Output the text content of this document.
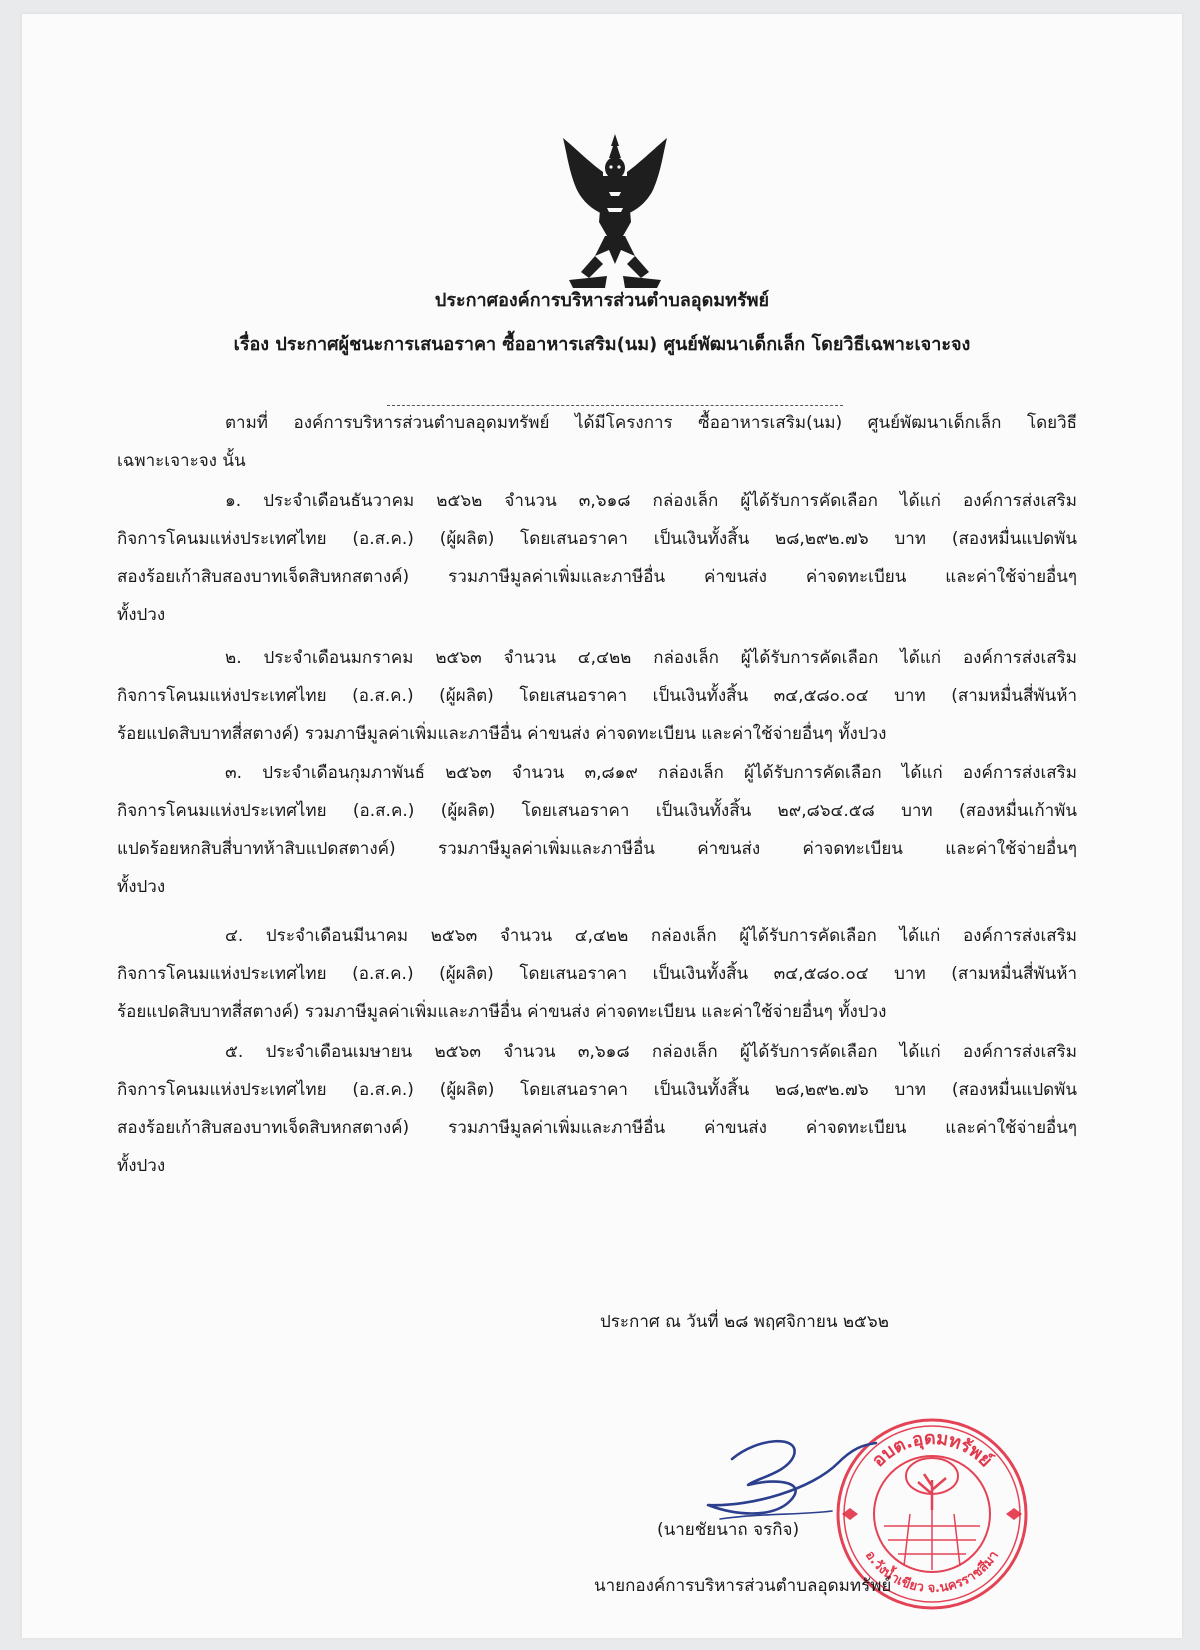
ประกาศองค์การบริหารส่วนตำบลอุดมทรัพย์
เรื่อง ประกาศผู้ชนะการเสนอราคา ซื้ออาหารเสริม(นม) ศูนย์พัฒนาเด็กเล็ก โดยวิธีเฉพาะเจาะจง
ตามที่ องค์การบริหารส่วนตำบลอุดมทรัพย์ ได้มีโครงการ ซื้ออาหารเสริม(นม) ศูนย์พัฒนาเด็กเล็ก โดยวิธี
เฉพาะเจาะจง นั้น
๑. ประจำเดือนธันวาคม ๒๕๖๒ จำนวน ๓,๖๑๘ กล่องเล็ก ผู้ได้รับการคัดเลือก ได้แก่ องค์การส่งเสริม
กิจการโคนมแห่งประเทศไทย (อ.ส.ค.) (ผู้ผลิต) โดยเสนอราคา เป็นเงินทั้งสิ้น ๒๘,๒๙๒.๗๖ บาท (สองหมื่นแปดพัน
สองร้อยเก้าสิบสองบาทเจ็ดสิบหกสตางค์) รวมภาษีมูลค่าเพิ่มและภาษีอื่น ค่าขนส่ง ค่าจดทะเบียน และค่าใช้จ่ายอื่นๆ
ทั้งปวง
๒. ประจำเดือนมกราคม ๒๕๖๓ จำนวน ๔,๔๒๒ กล่องเล็ก ผู้ได้รับการคัดเลือก ได้แก่ องค์การส่งเสริม
กิจการโคนมแห่งประเทศไทย (อ.ส.ค.) (ผู้ผลิต) โดยเสนอราคา เป็นเงินทั้งสิ้น ๓๔,๕๘๐.๐๔ บาท (สามหมื่นสี่พันห้า
ร้อยแปดสิบบาทสี่สตางค์) รวมภาษีมูลค่าเพิ่มและภาษีอื่น ค่าขนส่ง ค่าจดทะเบียน และค่าใช้จ่ายอื่นๆ ทั้งปวง
๓. ประจำเดือนกุมภาพันธ์ ๒๕๖๓ จำนวน ๓,๘๑๙ กล่องเล็ก ผู้ได้รับการคัดเลือก ได้แก่ องค์การส่งเสริม
กิจการโคนมแห่งประเทศไทย (อ.ส.ค.) (ผู้ผลิต) โดยเสนอราคา เป็นเงินทั้งสิ้น ๒๙,๘๖๔.๕๘ บาท (สองหมื่นเก้าพัน
แปดร้อยหกสิบสี่บาทห้าสิบแปดสตางค์) รวมภาษีมูลค่าเพิ่มและภาษีอื่น ค่าขนส่ง ค่าจดทะเบียน และค่าใช้จ่ายอื่นๆ
ทั้งปวง
๔. ประจำเดือนมีนาคม ๒๕๖๓ จำนวน ๔,๔๒๒ กล่องเล็ก ผู้ได้รับการคัดเลือก ได้แก่ องค์การส่งเสริม
กิจการโคนมแห่งประเทศไทย (อ.ส.ค.) (ผู้ผลิต) โดยเสนอราคา เป็นเงินทั้งสิ้น ๓๔,๕๘๐.๐๔ บาท (สามหมื่นสี่พันห้า
ร้อยแปดสิบบาทสี่สตางค์) รวมภาษีมูลค่าเพิ่มและภาษีอื่น ค่าขนส่ง ค่าจดทะเบียน และค่าใช้จ่ายอื่นๆ ทั้งปวง
๕. ประจำเดือนเมษายน ๒๕๖๓ จำนวน ๓,๖๑๘ กล่องเล็ก ผู้ได้รับการคัดเลือก ได้แก่ องค์การส่งเสริม
กิจการโคนมแห่งประเทศไทย (อ.ส.ค.) (ผู้ผลิต) โดยเสนอราคา เป็นเงินทั้งสิ้น ๒๘,๒๙๒.๗๖ บาท (สองหมื่นแปดพัน
สองร้อยเก้าสิบสองบาทเจ็ดสิบหกสตางค์) รวมภาษีมูลค่าเพิ่มและภาษีอื่น ค่าขนส่ง ค่าจดทะเบียน และค่าใช้จ่ายอื่นๆ
ทั้งปวง
ประกาศ ณ วันที่ ๒๘ พฤศจิกายน ๒๕๖๒
อบต.อุดมทรัพย์
อ.วังน้ำเขียว จ.นครราชสีมา
(นายชัยนาถ จรกิจ)
นายกองค์การบริหารส่วนตำบลอุดมทรัพย์
